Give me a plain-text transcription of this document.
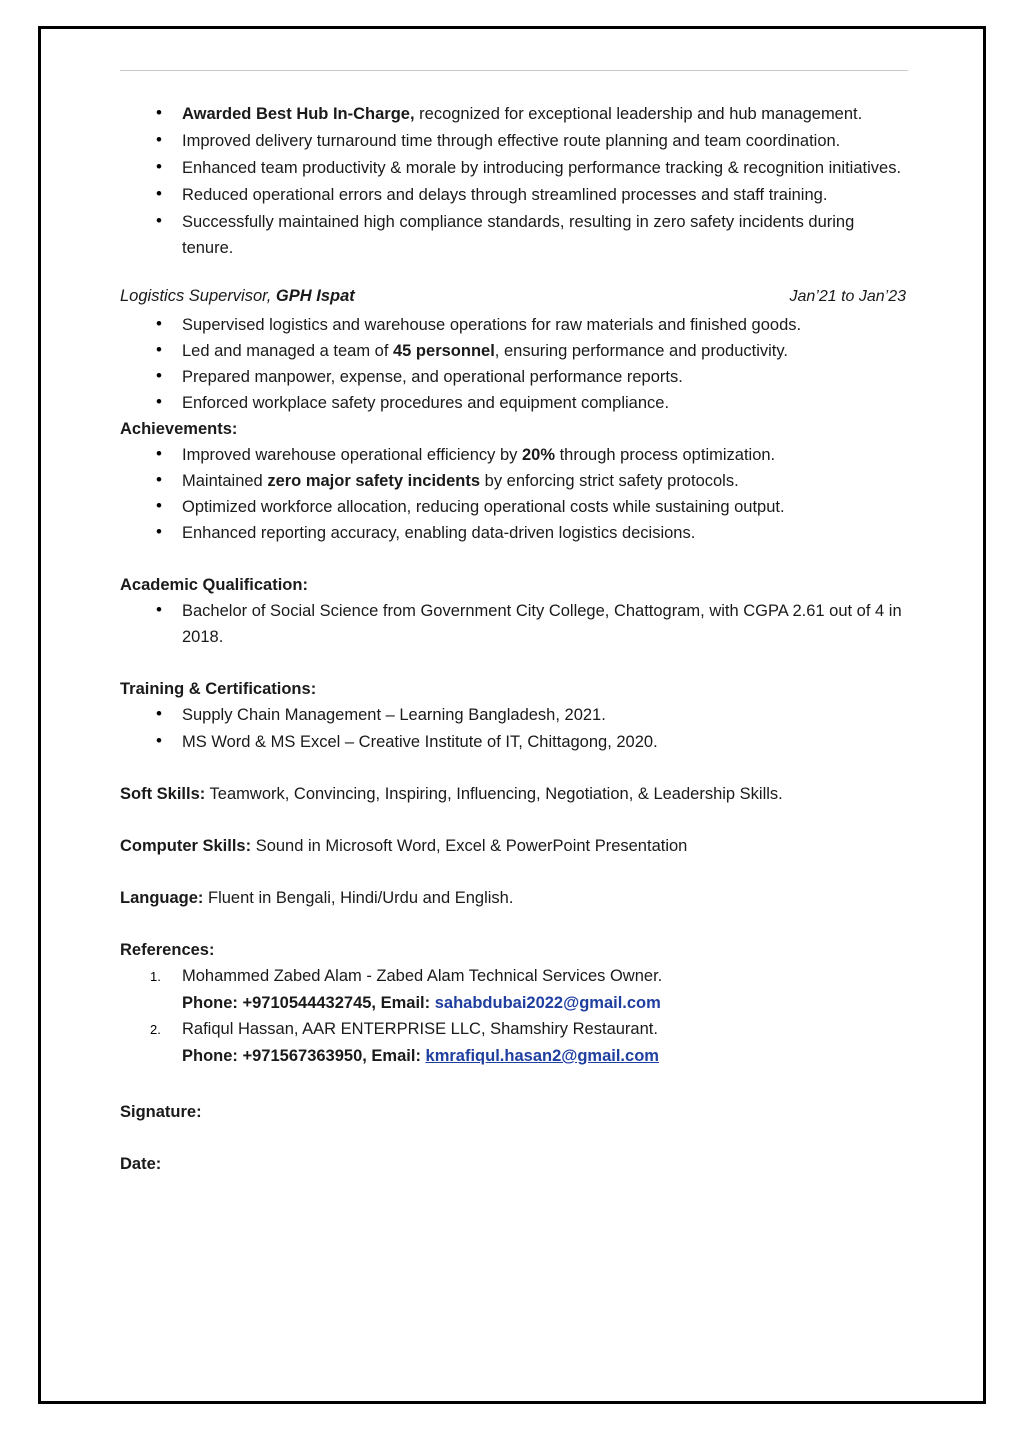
• Awarded Best Hub In-Charge, recognized for exceptional leadership and hub management.
• Improved delivery turnaround time through effective route planning and team coordination.
• Enhanced team productivity & morale by introducing performance tracking & recognition initiatives.
• Reduced operational errors and delays through streamlined processes and staff training.
• Successfully maintained high compliance standards, resulting in zero safety incidents during tenure.
Logistics Supervisor, GPH Ispat	Jan’21 to Jan’23
• Supervised logistics and warehouse operations for raw materials and finished goods.
• Led and managed a team of 45 personnel, ensuring performance and productivity.
• Prepared manpower, expense, and operational performance reports.
• Enforced workplace safety procedures and equipment compliance.
Achievements:
• Improved warehouse operational efficiency by 20% through process optimization.
• Maintained zero major safety incidents by enforcing strict safety protocols.
• Optimized workforce allocation, reducing operational costs while sustaining output.
• Enhanced reporting accuracy, enabling data-driven logistics decisions.
Academic Qualification:
• Bachelor of Social Science from Government City College, Chattogram, with CGPA 2.61 out of 4 in 2018.
Training & Certifications:
• Supply Chain Management – Learning Bangladesh, 2021.
• MS Word & MS Excel – Creative Institute of IT, Chittagong, 2020.
Soft Skills: Teamwork, Convincing, Inspiring, Influencing, Negotiation, & Leadership Skills.
Computer Skills: Sound in Microsoft Word, Excel & PowerPoint Presentation
Language: Fluent in Bengali, Hindi/Urdu and English.
References:
1. Mohammed Zabed Alam - Zabed Alam Technical Services Owner.
Phone: +9710544432745, Email: sahabdubai2022@gmail.com
2. Rafiqul Hassan, AAR ENTERPRISE LLC, Shamshiry Restaurant.
Phone: +971567363950, Email: kmrafiqul.hasan2@gmail.com
Signature:
Date:
